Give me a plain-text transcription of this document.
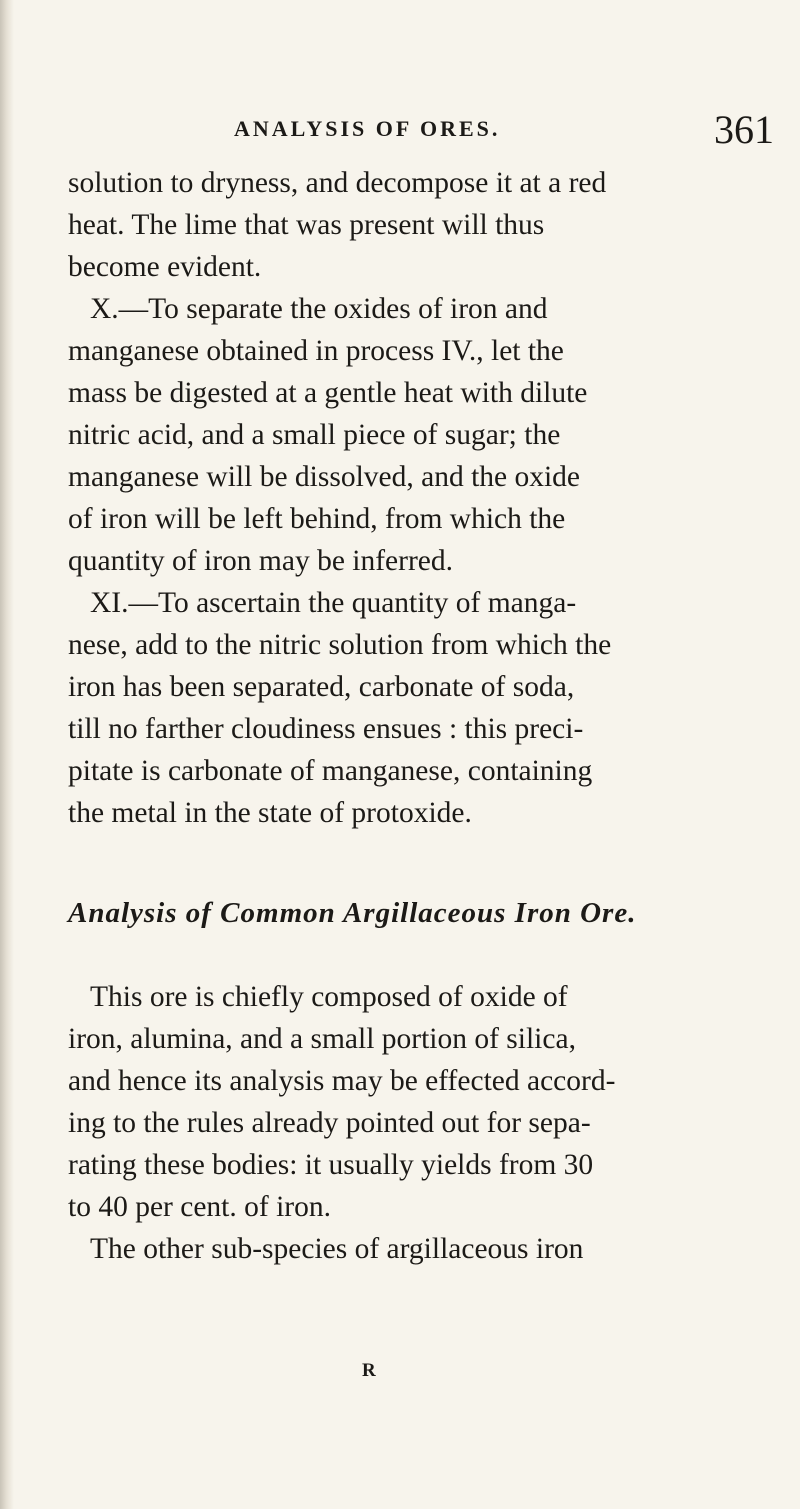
ANALYSIS OF ORES.	361
solution to dryness, and decompose it at a red
heat. The lime that was present will thus
become evident.
X.—To separate the oxides of iron and
manganese obtained in process IV., let the
mass be digested at a gentle heat with dilute
nitric acid, and a small piece of sugar; the
manganese will be dissolved, and the oxide
of iron will be left behind, from which the
quantity of iron may be inferred.
XI.—To ascertain the quantity of manga-
nese, add to the nitric solution from which the
iron has been separated, carbonate of soda,
till no farther cloudiness ensues : this preci-
pitate is carbonate of manganese, containing
the metal in the state of protoxide.
Analysis of Common Argillaceous Iron Ore.
This ore is chiefly composed of oxide of
iron, alumina, and a small portion of silica,
and hence its analysis may be effected accord-
ing to the rules already pointed out for sepa-
rating these bodies: it usually yields from 30
to 40 per cent. of iron.
The other sub-species of argillaceous iron
R
